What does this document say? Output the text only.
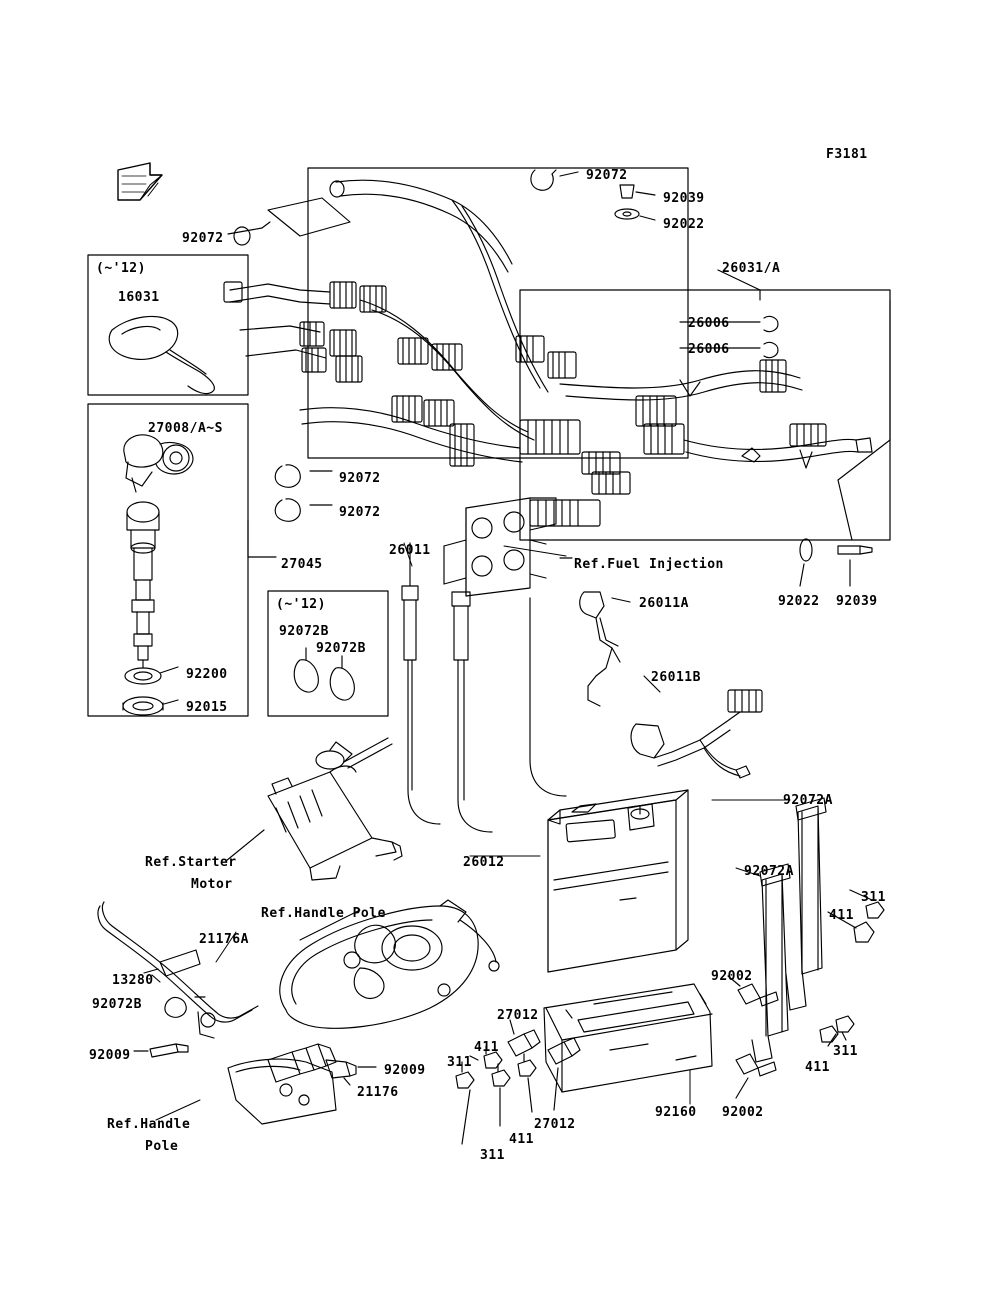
F3181
92072
92039
92022
26031/A
92072
(~'12)
16031
26006
26006
27008/A~S
92072
92072
27045
26011
Ref.Fuel Injection
(~'12)
92072B
92072B
26011A	92022 92039
26011B
92200
92015
92072A
92072A
311
411
26012
Ref.Starter
Motor
Ref.Handle Pole
21176A
13280
92072B
92009
92002
27012
411
311
92009
21176
311
411
27012
411
311
92160 92002
Ref.Handle
Pole
